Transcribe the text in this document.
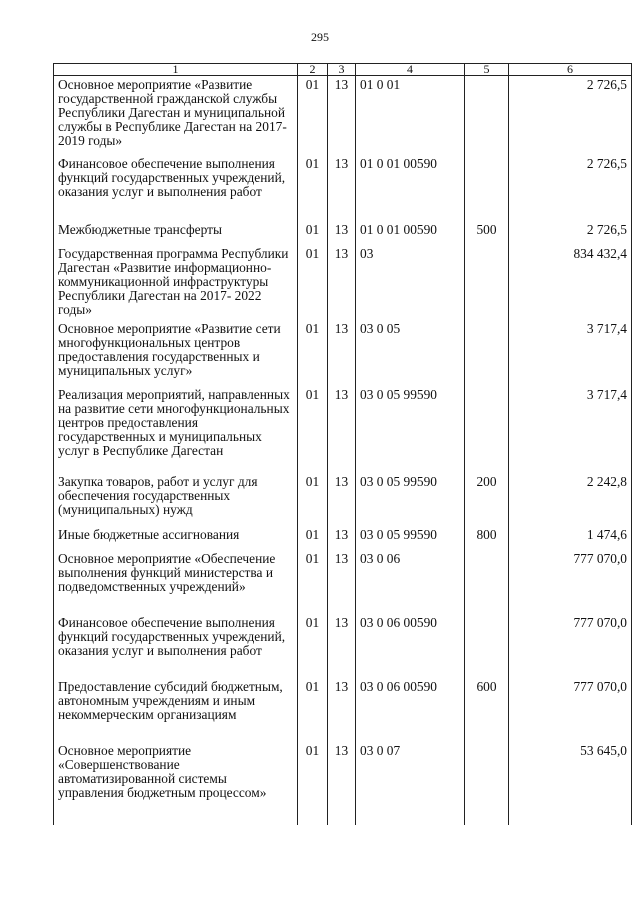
295
1	2	3	4	5	6
Основное мероприятие «Развитие государственной гражданской службы Республики Дагестан и муниципальной службы в Республике Дагестан на 2017-2019 годы»	01	13	01 0 01		2 726,5
Финансовое обеспечение выполнения функций государственных учреждений, оказания услуг и выполнения работ	01	13	01 0 01 00590		2 726,5
Межбюджетные трансферты	01	13	01 0 01 00590	500	2 726,5
Государственная программа Республики Дагестан «Развитие информационно-коммуникационной инфраструктуры Республики Дагестан на 2017- 2022 годы»	01	13	03		834 432,4
Основное мероприятие «Развитие сети многофункциональных центров предоставления государственных и муниципальных услуг»	01	13	03 0 05		3 717,4
Реализация мероприятий, направленных на развитие сети многофункциональных центров предоставления государственных и муниципальных услуг в Республике Дагестан	01	13	03 0 05 99590		3 717,4
Закупка товаров, работ и услуг для обеспечения государственных (муниципальных) нужд	01	13	03 0 05 99590	200	2 242,8
Иные бюджетные ассигнования	01	13	03 0 05 99590	800	1 474,6
Основное мероприятие «Обеспечение выполнения функций министерства и подведомственных учреждений»	01	13	03 0 06		777 070,0
Финансовое обеспечение выполнения функций государственных учреждений, оказания услуг и выполнения работ	01	13	03 0 06 00590		777 070,0
Предоставление субсидий бюджетным, автономным учреждениям и иным некоммерческим организациям	01	13	03 0 06 00590	600	777 070,0
Основное мероприятие «Совершенствование автоматизированной системы управления бюджетным процессом»	01	13	03 0 07		53 645,0
